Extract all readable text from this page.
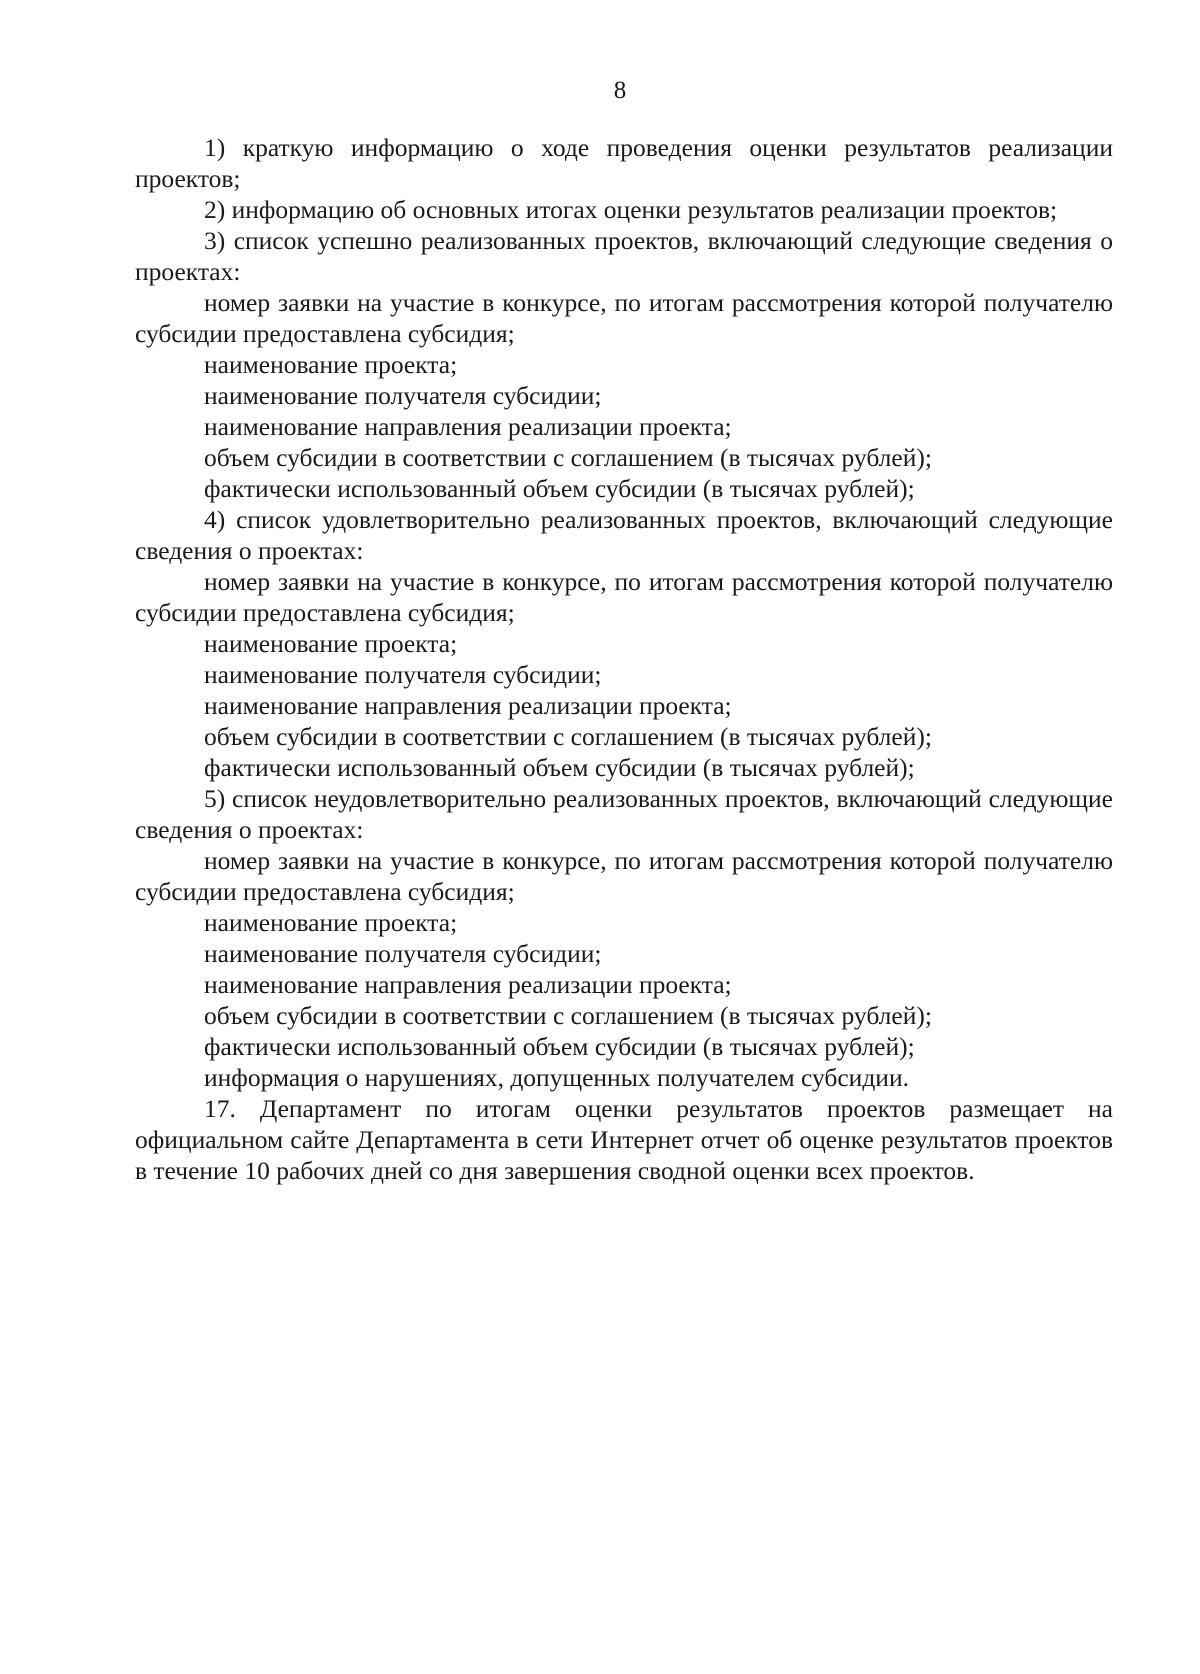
8

1) краткую информацию о ходе проведения оценки результатов реализации проектов;

2) информацию об основных итогах оценки результатов реализации проектов;

3) список успешно реализованных проектов, включающий следующие сведения о проектах:

номер заявки на участие в конкурсе, по итогам рассмотрения которой получателю субсидии предоставлена субсидия;

наименование проекта;

наименование получателя субсидии;

наименование направления реализации проекта;

объем субсидии в соответствии с соглашением (в тысячах рублей);

фактически использованный объем субсидии (в тысячах рублей);

4) список удовлетворительно реализованных проектов, включающий следующие сведения о проектах:

номер заявки на участие в конкурсе, по итогам рассмотрения которой получателю субсидии предоставлена субсидия;

наименование проекта;

наименование получателя субсидии;

наименование направления реализации проекта;

объем субсидии в соответствии с соглашением (в тысячах рублей);

фактически использованный объем субсидии (в тысячах рублей);

5) список неудовлетворительно реализованных проектов, включающий следующие сведения о проектах:

номер заявки на участие в конкурсе, по итогам рассмотрения которой получателю субсидии предоставлена субсидия;

наименование проекта;

наименование получателя субсидии;

наименование направления реализации проекта;

объем субсидии в соответствии с соглашением (в тысячах рублей);

фактически использованный объем субсидии (в тысячах рублей);

информация о нарушениях, допущенных получателем субсидии.

17. Департамент по итогам оценки результатов проектов размещает на официальном сайте Департамента в сети Интернет отчет об оценке результатов проектов в течение 10 рабочих дней со дня завершения сводной оценки всех проектов.
